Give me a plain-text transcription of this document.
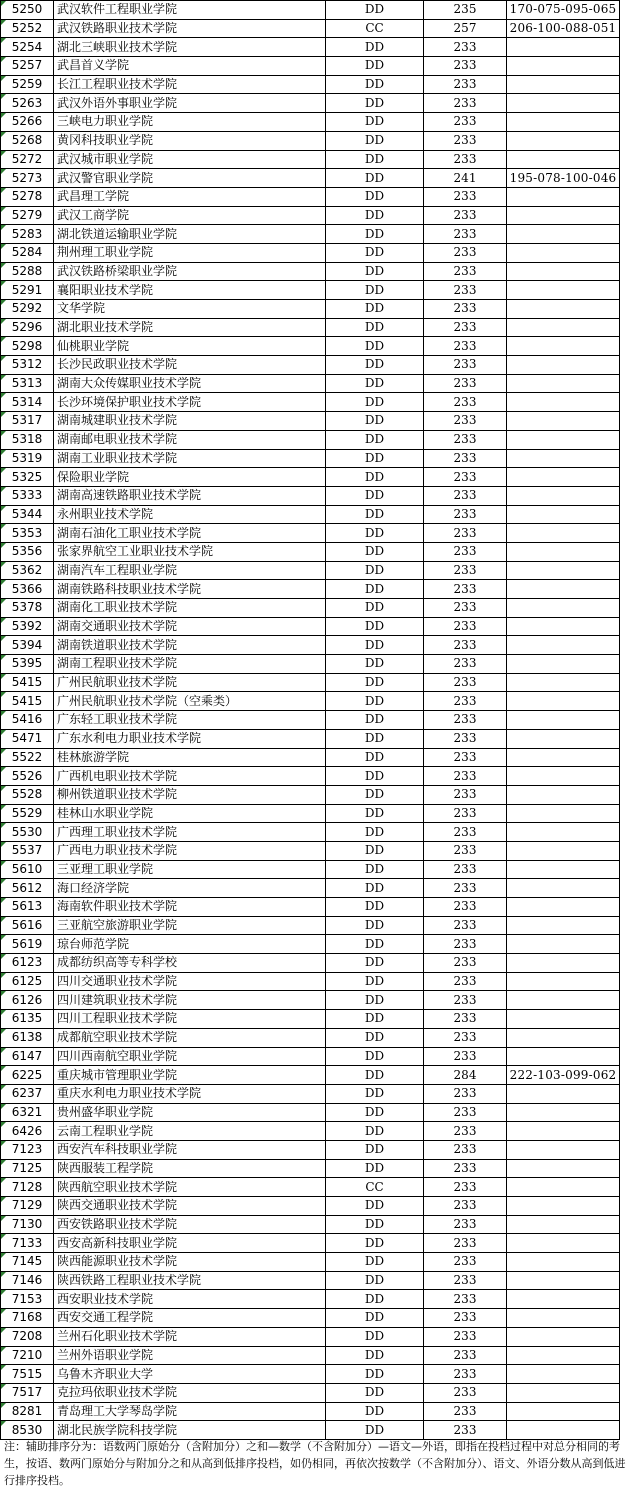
5250	武汉软件工程职业学院	DD	235	170-075-095-065
5252	武汉铁路职业技术学院	CC	257	206-100-088-051
5254	湖北三峡职业技术学院	DD	233	
5257	武昌首义学院	DD	233	
5259	长江工程职业技术学院	DD	233	
5263	武汉外语外事职业学院	DD	233	
5266	三峡电力职业学院	DD	233	
5268	黄冈科技职业学院	DD	233	
5272	武汉城市职业学院	DD	233	
5273	武汉警官职业学院	DD	241	195-078-100-046
5278	武昌理工学院	DD	233	
5279	武汉工商学院	DD	233	
5283	湖北铁道运输职业学院	DD	233	
5284	荆州理工职业学院	DD	233	
5288	武汉铁路桥梁职业学院	DD	233	
5291	襄阳职业技术学院	DD	233	
5292	文华学院	DD	233	
5296	湖北职业技术学院	DD	233	
5298	仙桃职业学院	DD	233	
5312	长沙民政职业技术学院	DD	233	
5313	湖南大众传媒职业技术学院	DD	233	
5314	长沙环境保护职业技术学院	DD	233	
5317	湖南城建职业技术学院	DD	233	
5318	湖南邮电职业技术学院	DD	233	
5319	湖南工业职业技术学院	DD	233	
5325	保险职业学院	DD	233	
5333	湖南高速铁路职业技术学院	DD	233	
5344	永州职业技术学院	DD	233	
5353	湖南石油化工职业技术学院	DD	233	
5356	张家界航空工业职业技术学院	DD	233	
5362	湖南汽车工程职业学院	DD	233	
5366	湖南铁路科技职业技术学院	DD	233	
5378	湖南化工职业技术学院	DD	233	
5392	湖南交通职业技术学院	DD	233	
5394	湖南铁道职业技术学院	DD	233	
5395	湖南工程职业技术学院	DD	233	
5415	广州民航职业技术学院	DD	233	
5415	广州民航职业技术学院（空乘类）	DD	233	
5416	广东轻工职业技术学院	DD	233	
5471	广东水利电力职业技术学院	DD	233	
5522	桂林旅游学院	DD	233	
5526	广西机电职业技术学院	DD	233	
5528	柳州铁道职业技术学院	DD	233	
5529	桂林山水职业学院	DD	233	
5530	广西理工职业技术学院	DD	233	
5537	广西电力职业技术学院	DD	233	
5610	三亚理工职业学院	DD	233	
5612	海口经济学院	DD	233	
5613	海南软件职业技术学院	DD	233	
5616	三亚航空旅游职业学院	DD	233	
5619	琼台师范学院	DD	233	
6123	成都纺织高等专科学校	DD	233	
6125	四川交通职业技术学院	DD	233	
6126	四川建筑职业技术学院	DD	233	
6135	四川工程职业技术学院	DD	233	
6138	成都航空职业技术学院	DD	233	
6147	四川西南航空职业学院	DD	233	
6225	重庆城市管理职业学院	DD	284	222-103-099-062
6237	重庆水利电力职业技术学院	DD	233	
6321	贵州盛华职业学院	DD	233	
6426	云南工程职业学院	DD	233	
7123	西安汽车科技职业学院	DD	233	
7125	陕西服装工程学院	DD	233	
7128	陕西航空职业技术学院	CC	233	
7129	陕西交通职业技术学院	DD	233	
7130	西安铁路职业技术学院	DD	233	
7133	西安高新科技职业学院	DD	233	
7145	陕西能源职业技术学院	DD	233	
7146	陕西铁路工程职业技术学院	DD	233	
7153	西安职业技术学院	DD	233	
7168	西安交通工程学院	DD	233	
7208	兰州石化职业技术学院	DD	233	
7210	兰州外语职业学院	DD	233	
7515	乌鲁木齐职业大学	DD	233	
7517	克拉玛依职业技术学院	DD	233	
8281	青岛理工大学琴岛学院	DD	233	
8530	湖北民族学院科技学院	DD	233	
注：辅助排序分为：语数两门原始分（含附加分）之和—数学（不含附加分）—语文—外语，即指在投档过程中对总分相同的考生，按语、数两门原始分与附加分之和从高到低排序投档，如仍相同，再依次按数学（不含附加分）、语文、外语分数从高到低进行排序投档。
